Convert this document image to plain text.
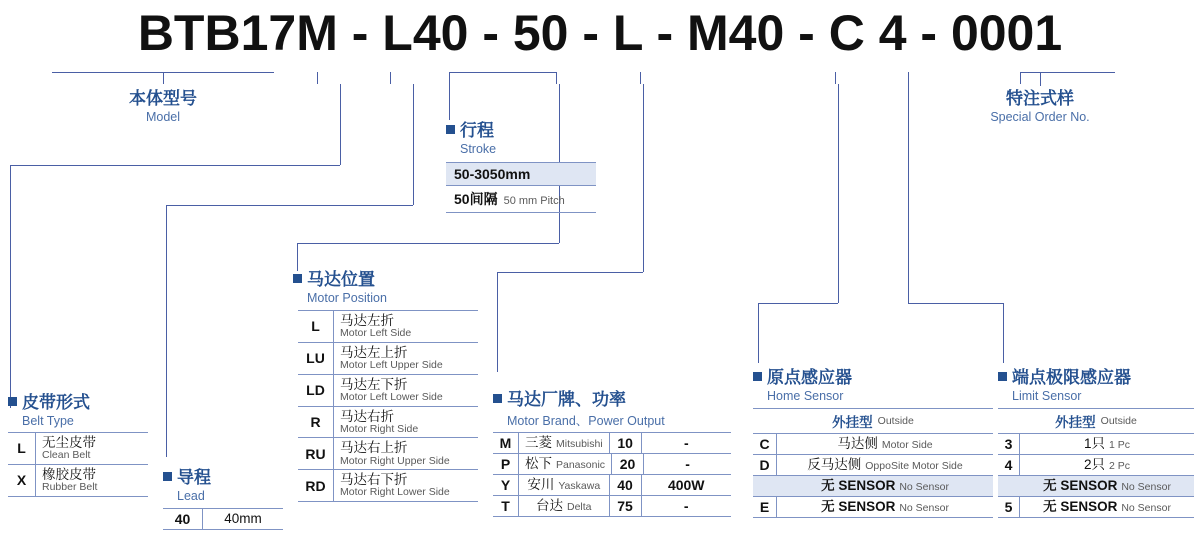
BTB17M - L40 - 50 - L - M40 - C 4 - 0001
本体型号
Model
特注式样
Special Order No.
行程
Stroke
50-3050mm
50间隔 50 mm Pitch
皮带形式
Belt Type
L	无尘皮带
Clean Belt
X	橡胶皮带
Rubber Belt	导程
Lead
40	40mm
马达位置
Motor Position
L	马达左折
Motor Left Side
LU	马达左上折
Motor Left Upper Side
LD	马达左下折
Motor Left Lower Side
R	马达右折
Motor Right Side
RU	马达右上折
Motor Right Upper Side
RD	马达右下折
Motor Right Lower Side
马达厂牌、功率
Motor Brand、Power Output
M	三菱 Mitsubishi	10	-
P	松下 Panasonic	20	-
Y	安川 Yaskawa	40	400W
T	台达 Delta	75	-
原点感应器
Home Sensor
外挂型 Outside
C	马达侧 Motor Side
D	反马达侧 OppoSite Motor Side
无 SENSOR No Sensor
E	无 SENSOR No Sensor
端点极限感应器
Limit Sensor
外挂型 Outside
3	1只 1 Pc
4	2只 2 Pc
无 SENSOR No Sensor
5	无 SENSOR No Sensor
